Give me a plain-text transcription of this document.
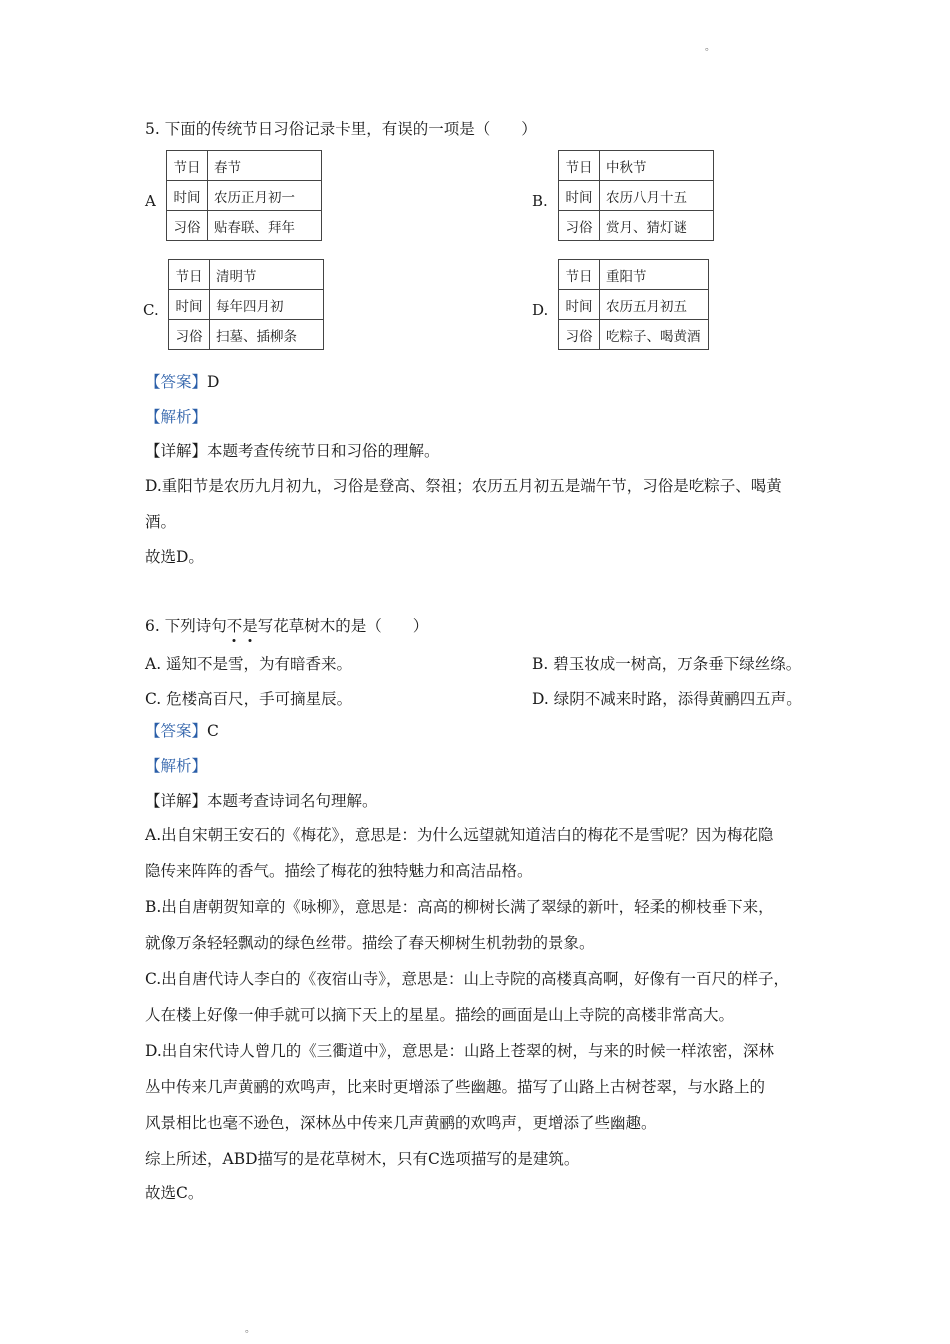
。
5. 下面的传统节日习俗记录卡里，有误的一项是（　　）
A
节日	春节
时间	农历正月初一
习俗	贴春联、拜年
B.
节日	中秋节
时间	农历八月十五
习俗	赏月、猜灯谜
C.
节日	清明节
时间	每年四月初
习俗	扫墓、插柳条
D.
节日	重阳节
时间	农历五月初五
习俗	吃粽子、喝黄酒
【答案】D
【解析】
【详解】本题考查传统节日和习俗的理解。
D.重阳节是农历九月初九，习俗是登高、祭祖；农历五月初五是端午节，习俗是吃粽子、喝黄
酒。
故选D。
6. 下列诗句不是写花草树木的是（　　）
A. 遥知不是雪，为有暗香来。	B. 碧玉妆成一树高，万条垂下绿丝绦。
C. 危楼高百尺，手可摘星辰。	D. 绿阴不减来时路，添得黄鹂四五声。
【答案】C
【解析】
【详解】本题考查诗词名句理解。
A.出自宋朝王安石的《梅花》，意思是：为什么远望就知道洁白的梅花不是雪呢？因为梅花隐
隐传来阵阵的香气。描绘了梅花的独特魅力和高洁品格。
B.出自唐朝贺知章的《咏柳》，意思是：高高的柳树长满了翠绿的新叶，轻柔的柳枝垂下来，
就像万条轻轻飘动的绿色丝带。描绘了春天柳树生机勃勃的景象。
C.出自唐代诗人李白的《夜宿山寺》，意思是：山上寺院的高楼真高啊，好像有一百尺的样子，
人在楼上好像一伸手就可以摘下天上的星星。描绘的画面是山上寺院的高楼非常高大。
D.出自宋代诗人曾几的《三衢道中》，意思是：山路上苍翠的树，与来的时候一样浓密，深林
丛中传来几声黄鹂的欢鸣声，比来时更增添了些幽趣。描写了山路上古树苍翠，与水路上的
风景相比也毫不逊色，深林丛中传来几声黄鹂的欢鸣声，更增添了些幽趣。
综上所述，ABD描写的是花草树木，只有C选项描写的是建筑。
故选C。
。
